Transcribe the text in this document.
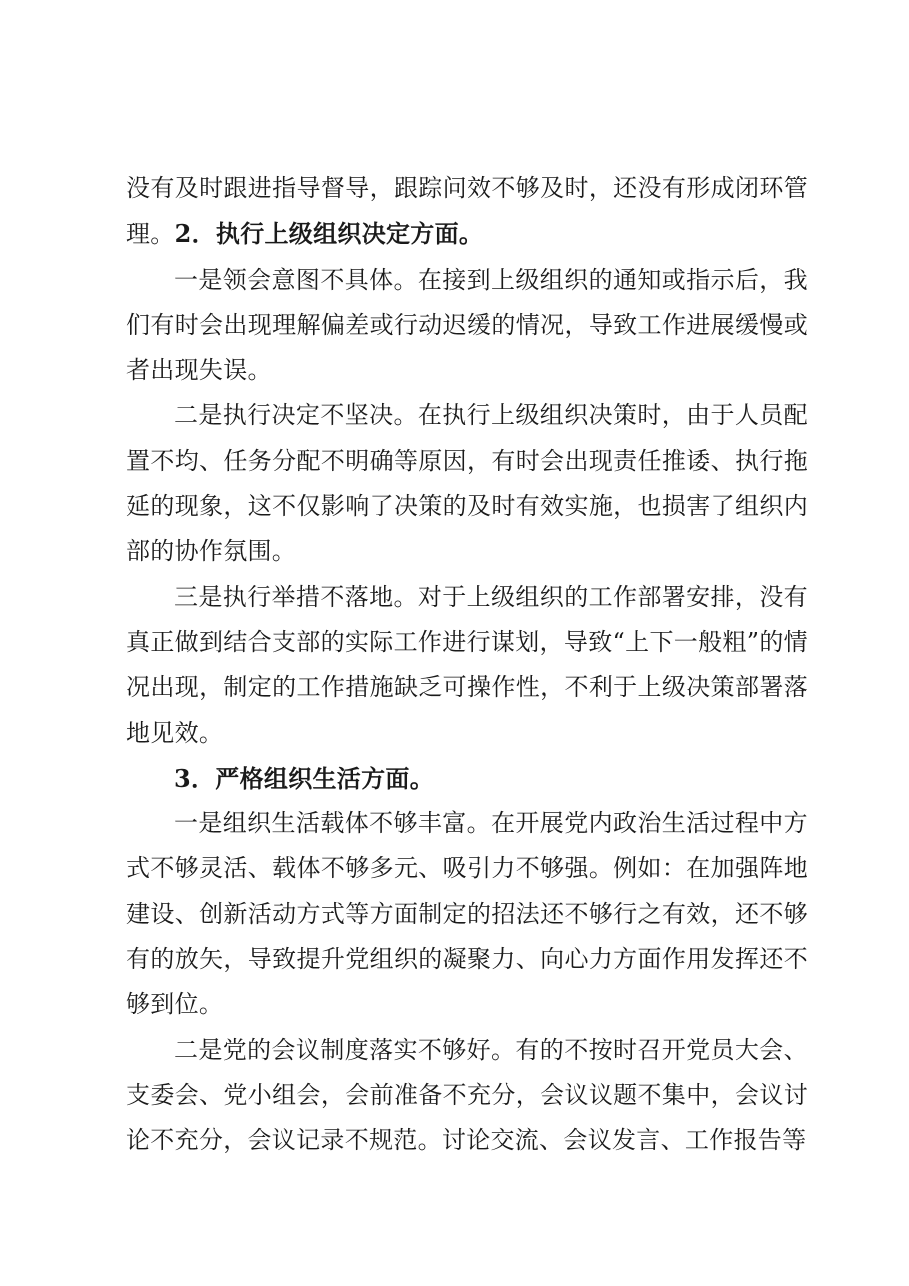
没有及时跟进指导督导，跟踪问效不够及时，还没有形成闭环管理。2．执行上级组织决定方面。

一是领会意图不具体。在接到上级组织的通知或指示后，我们有时会出现理解偏差或行动迟缓的情况，导致工作进展缓慢或者出现失误。

二是执行决定不坚决。在执行上级组织决策时，由于人员配置不均、任务分配不明确等原因，有时会出现责任推诿、执行拖延的现象，这不仅影响了决策的及时有效实施，也损害了组织内部的协作氛围。

三是执行举措不落地。对于上级组织的工作部署安排，没有真正做到结合支部的实际工作进行谋划，导致“上下一般粗”的情况出现，制定的工作措施缺乏可操作性，不利于上级决策部署落地见效。

3．严格组织生活方面。

一是组织生活载体不够丰富。在开展党内政治生活过程中方式不够灵活、载体不够多元、吸引力不够强。例如：在加强阵地建设、创新活动方式等方面制定的招法还不够行之有效，还不够有的放矢，导致提升党组织的凝聚力、向心力方面作用发挥还不够到位。

二是党的会议制度落实不够好。有的不按时召开党员大会、支委会、党小组会，会前准备不充分，会议议题不集中，会议讨论不充分，会议记录不规范。讨论交流、会议发言、工作报告等
